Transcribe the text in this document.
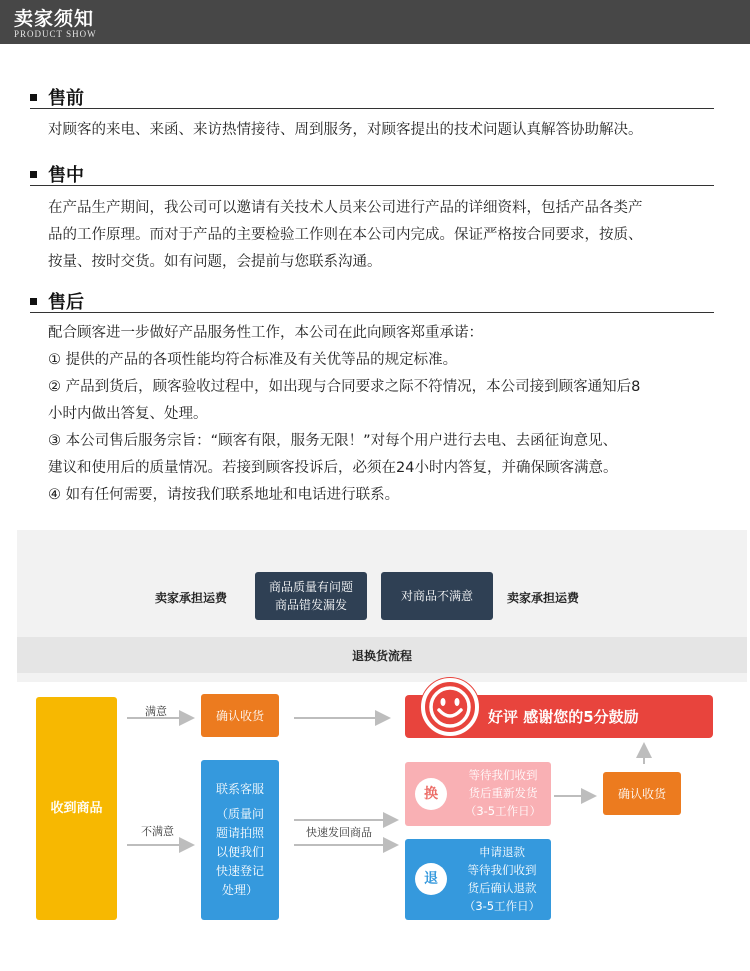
卖家须知
PRODUCT SHOW
售前

对顾客的来电、来函、来访热情接待、周到服务，对顾客提出的技术问题认真解答协助解决。

售中

在产品生产期间，我公司可以邀请有关技术人员来公司进行产品的详细资料，包括产品各类产

品的工作原理。而对于产品的主要检验工作则在本公司内完成。保证严格按合同要求，按质、

按量、按时交货。如有问题，会提前与您联系沟通。

售后

配合顾客进一步做好产品服务性工作，本公司在此向顾客郑重承诺：

① 提供的产品的各项性能均符合标准及有关优等品的规定标准。

② 产品到货后，顾客验收过程中，如出现与合同要求之际不符情况，本公司接到顾客通知后8

小时内做出答复、处理。

③ 本公司售后服务宗旨：“顾客有限，服务无限！”对每个用户进行去电、去函征询意见、

建议和使用后的质量情况。若接到顾客投诉后，必须在24小时内答复，并确保顾客满意。

④ 如有任何需要，请按我们联系地址和电话进行联系。

卖家承担运费
商品质量有问题
商品错发漏发
对商品不满意	卖家承担运费
退换货流程
收到商品
满意
不满意
确认收货
联系客服
（质量问
题请拍照
以便我们
快速登记
处理）
快速发回商品
好评 感谢您的5分鼓励
换
等待我们收到
货后重新发货
（3-5工作日）
确认收货
退
申请退款
等待我们收到
货后确认退款
（3-5工作日）
